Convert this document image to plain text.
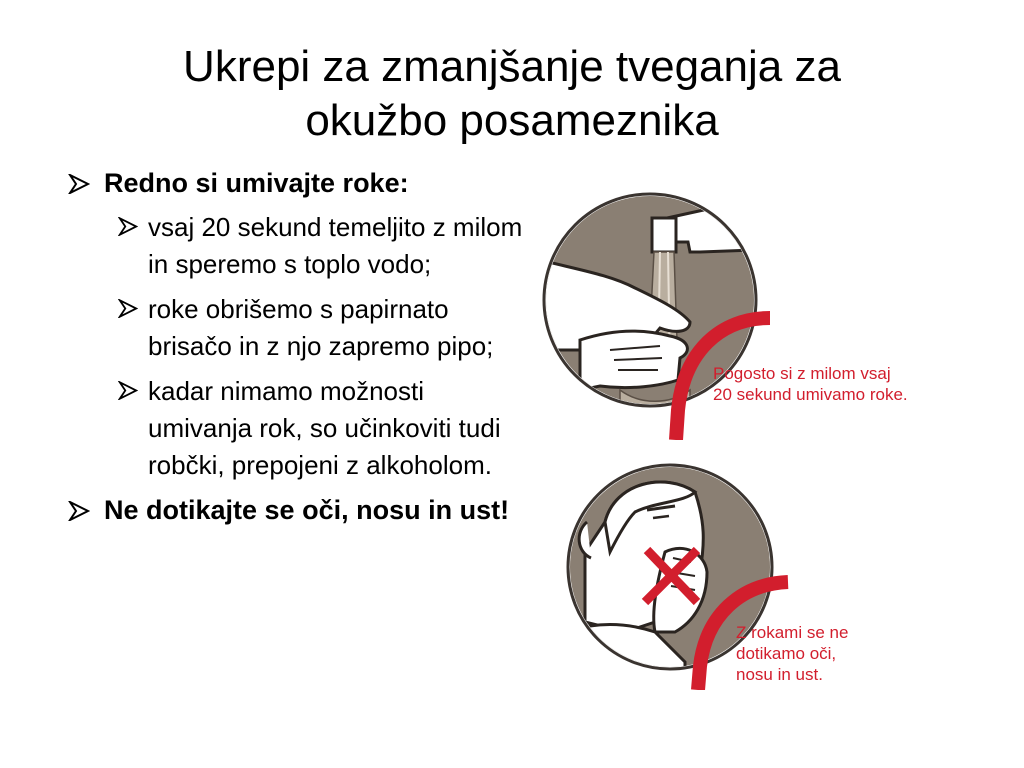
Ukrepi za zmanjšanje tveganja za
okužbo posameznika
Redno si umivajte roke:
vsaj 20 sekund temeljito z milom in speremo s toplo vodo;
roke obrišemo s papirnato brisačo in z njo zapremo pipo;
kadar nimamo možnosti umivanja rok, so učinkoviti tudi robčki, prepojeni z alkoholom.
Ne dotikajte se oči, nosu in ust!
Pogosto si z milom vsaj
20 sekund umivamo roke.
Z rokami se ne
dotikamo oči,
nosu in ust.
